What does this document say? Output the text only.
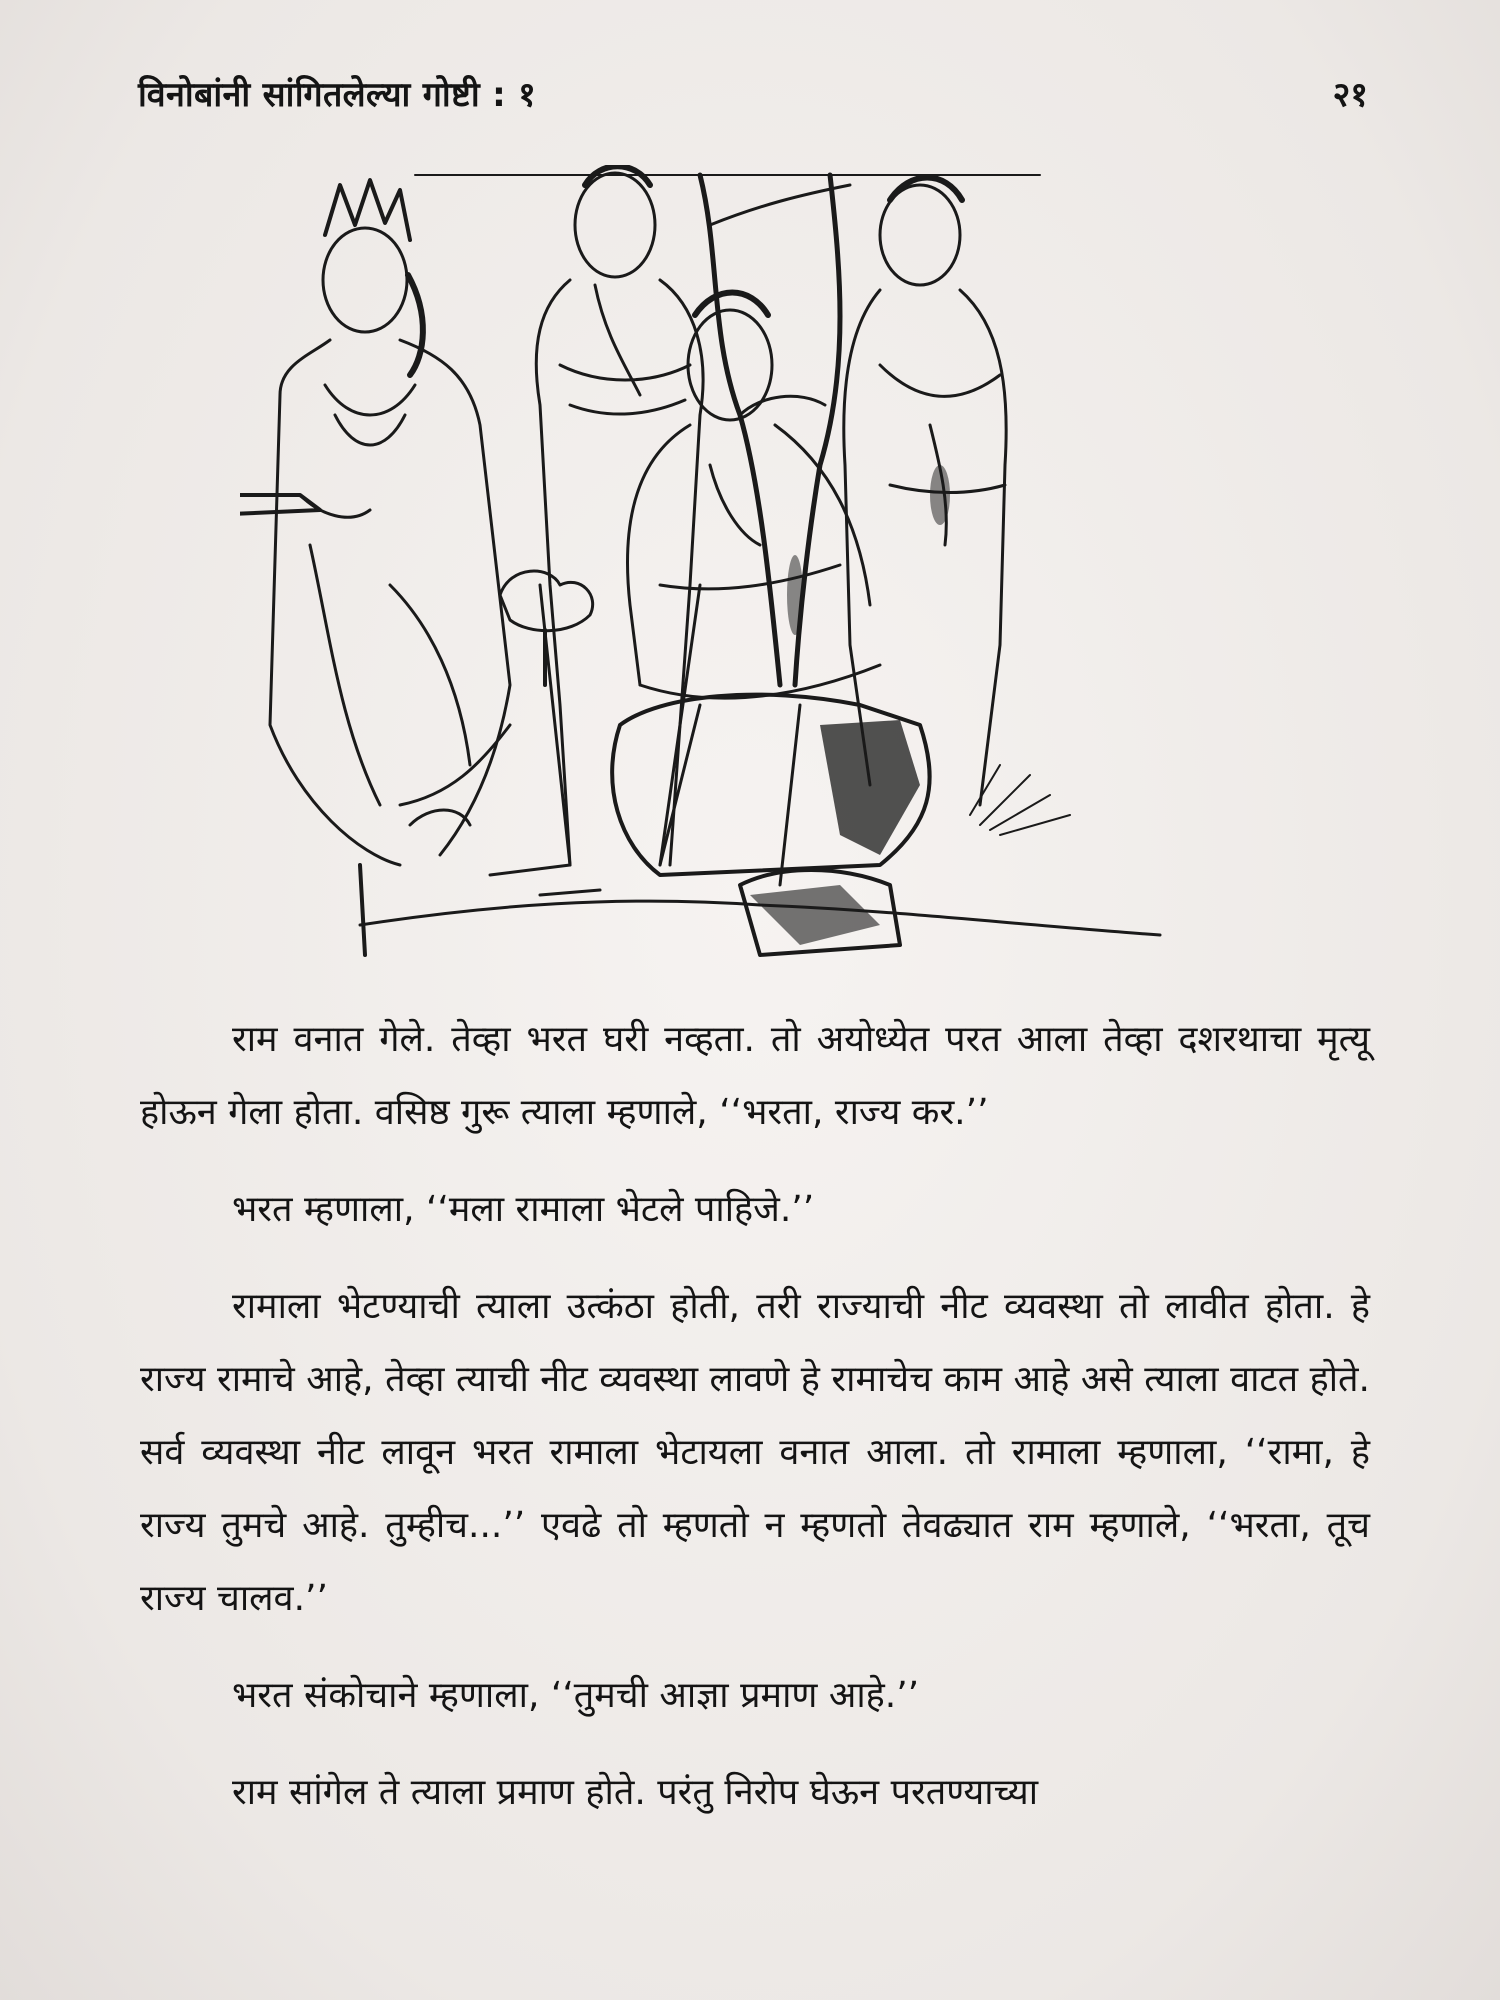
विनोबांनी सांगितलेल्या गोष्टी : १	२१

राम वनात गेले. तेव्हा भरत घरी नव्हता. तो अयोध्येत परत आला तेव्हा दशरथाचा मृत्यू होऊन गेला होता. वसिष्ठ गुरू त्याला म्हणाले, ‘‘भरता, राज्य कर.’’

भरत म्हणाला, ‘‘मला रामाला भेटले पाहिजे.’’

रामाला भेटण्याची त्याला उत्कंठा होती, तरी राज्याची नीट व्यवस्था तो लावीत होता. हे राज्य रामाचे आहे, तेव्हा त्याची नीट व्यवस्था लावणे हे रामाचेच काम आहे असे त्याला वाटत होते. सर्व व्यवस्था नीट लावून भरत रामाला भेटायला वनात आला. तो रामाला म्हणाला, ‘‘रामा, हे राज्य तुमचे आहे. तुम्हीच...’’ एवढे तो म्हणतो न म्हणतो तेवढ्यात राम म्हणाले, ‘‘भरता, तूच राज्य चालव.’’

भरत संकोचाने म्हणाला, ‘‘तुमची आज्ञा प्रमाण आहे.’’

राम सांगेल ते त्याला प्रमाण होते. परंतु निरोप घेऊन परतण्याच्या
